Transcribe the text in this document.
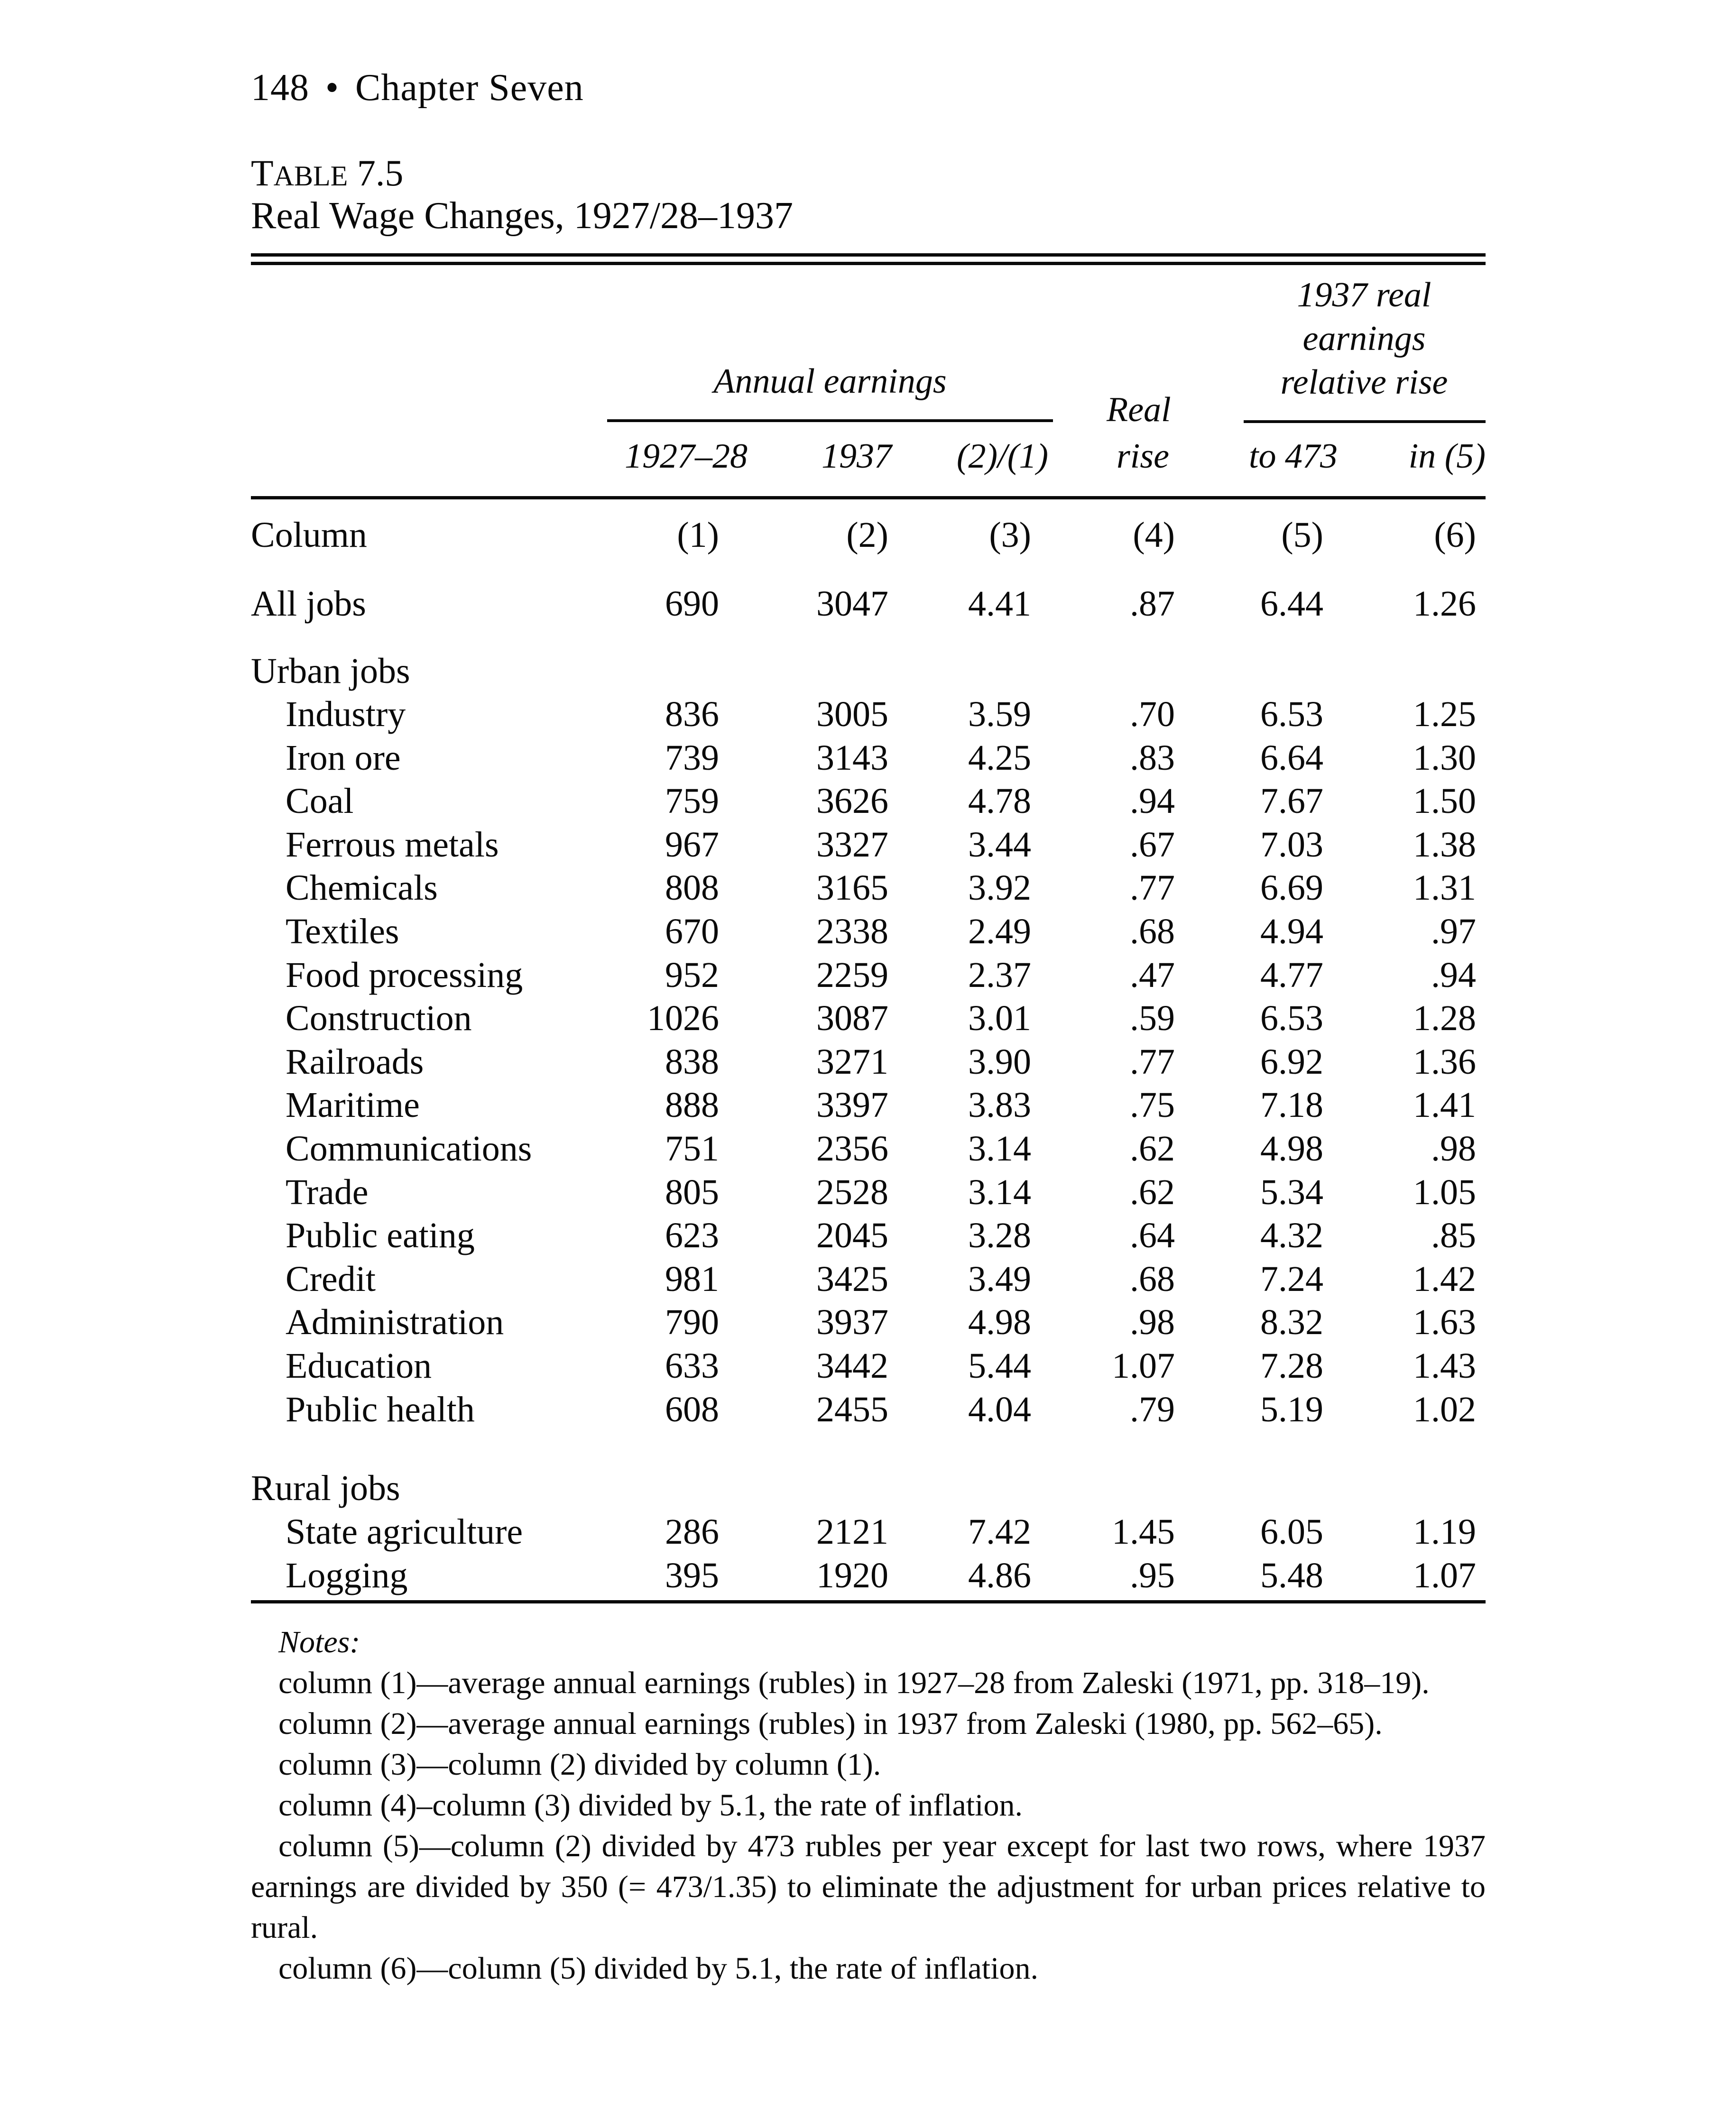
148 • Chapter Seven
TABLE 7.5
Real Wage Changes, 1927/28–1937
Annual earnings
1937 real
earnings
relative rise
Real
1927–28	1937	(2)/(1)	rise	to 473	in (5)
Column	(1)	(2)	(3)	(4)	(5)	(6)
All jobs	690	3047 4.41	.87 6.44 1.26
Urban jobs
Industry	836	3005 3.59	.70 6.53 1.25
Iron ore	739	3143 4.25	.83 6.64 1.30
Coal	759	3626 4.78	.94 7.67 1.50
Ferrous metals	967	3327 3.44	.67 7.03 1.38
Chemicals	808	3165 3.92	.77 6.69 1.31
Textiles	670	2338 2.49	.68 4.94	.97
Food processing	952	2259 2.37	.47 4.77	.94
Construction	1026	3087 3.01	.59 6.53 1.28
Railroads	838	3271 3.90	.77 6.92 1.36
Maritime	888	3397 3.83	.75 7.18 1.41
Communications	751	2356 3.14	.62 4.98	.98
Trade	805	2528 3.14	.62 5.34 1.05
Public eating	623	2045 3.28	.64 4.32	.85
Credit	981	3425 3.49	.68 7.24 1.42
Administration	790	3937 4.98	.98 8.32 1.63
Education	633	3442 5.44 1.07 7.28 1.43
Public health	608	2455 4.04	.79 5.19 1.02
Rural jobs
State agriculture	286	2121 7.42 1.45 6.05 1.19
Logging	395	1920 4.86	.95 5.48 1.07

Notes:

column (1)—average annual earnings (rubles) in 1927–28 from Zaleski (1971, pp. 318–19).

column (2)—average annual earnings (rubles) in 1937 from Zaleski (1980, pp. 562–65).

column (3)—column (2) divided by column (1).

column (4)–column (3) divided by 5.1, the rate of inflation.

column (5)—column (2) divided by 473 rubles per year except for last two rows, where 1937 earnings are divided by 350 (= 473/1.35) to eliminate the adjustment for urban prices relative to rural.

column (6)—column (5) divided by 5.1, the rate of inflation.
